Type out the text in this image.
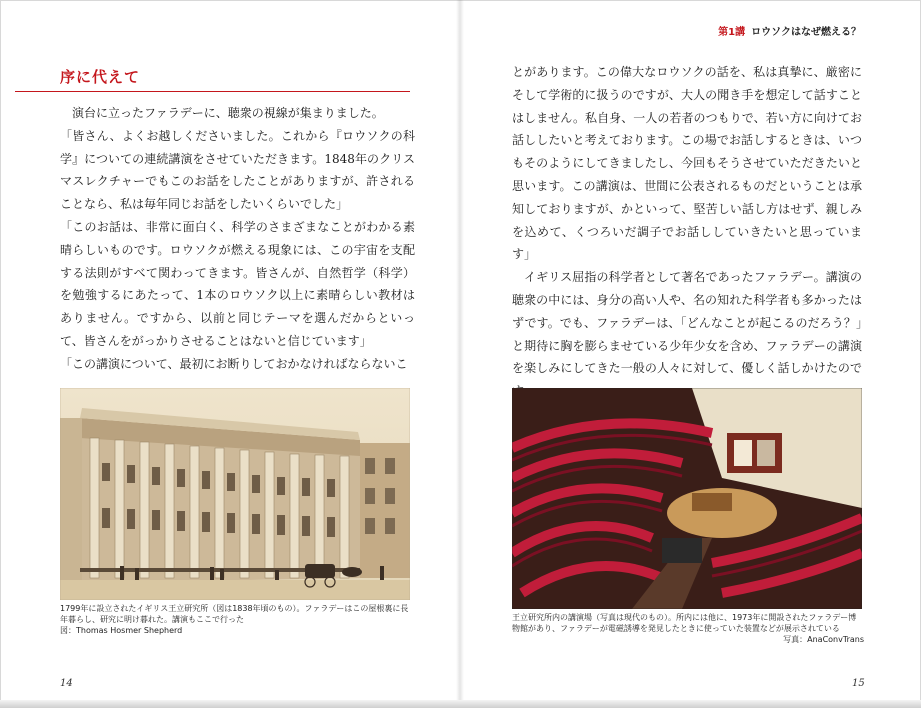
第1講 ロウソクはなぜ燃える？
序に代えて

演台に立ったファラデーに、聴衆の視線が集まりました。

「皆さん、よくお越しくださいました。これから『ロウソクの科学』についての連続講演をさせていただきます。1848年のクリスマスレクチャーでもこのお話をしたことがありますが、許されることなら、私は毎年同じお話をしたいくらいでした」

「このお話は、非常に面白く、科学のさまざまなことがわかる素晴らしいものです。ロウソクが燃える現象には、この宇宙を支配する法則がすべて関わってきます。皆さんが、自然哲学（科学）を勉強するにあたって、1本のロウソク以上に素晴らしい教材はありません。ですから、以前と同じテーマを選んだからといって、皆さんをがっかりさせることはないと信じています」

「この講演について、最初にお断りしておかなければならないこ

1799年に設立されたイギリス王立研究所（図は1838年頃のもの）。ファラデーはこの屋根裏に長年暮らし、研究に明け暮れた。講演もここで行った
図：Thomas Hosmer Shepherd
14

とがあります。この偉大なロウソクの話を、私は真摯に、厳密にそして学術的に扱うのですが、大人の聞き手を想定して話すことはしません。私自身、一人の若者のつもりで、若い方に向けてお話ししたいと考えております。この場でお話しするときは、いつもそのようにしてきましたし、今回もそうさせていただきたいと思います。この講演は、世間に公表されるものだということは承知しておりますが、かといって、堅苦しい話し方はせず、親しみを込めて、くつろいだ調子でお話ししていきたいと思っています」

イギリス屈指の科学者として著名であったファラデー。講演の聴衆の中には、身分の高い人や、名の知れた科学者も多かったはずです。でも、ファラデーは、「どんなことが起こるのだろう？」と期待に胸を膨らませている少年少女を含め、ファラデーの講演を楽しみにしてきた一般の人々に対して、優しく話しかけたので

王立研究所内の講演場（写真は現代のもの）。所内には他に、1973年に開設されたファラデー博物館があり、ファラデーが電磁誘導を発見したときに使っていた装置などが展示されている
写真：AnaConvTrans
15
